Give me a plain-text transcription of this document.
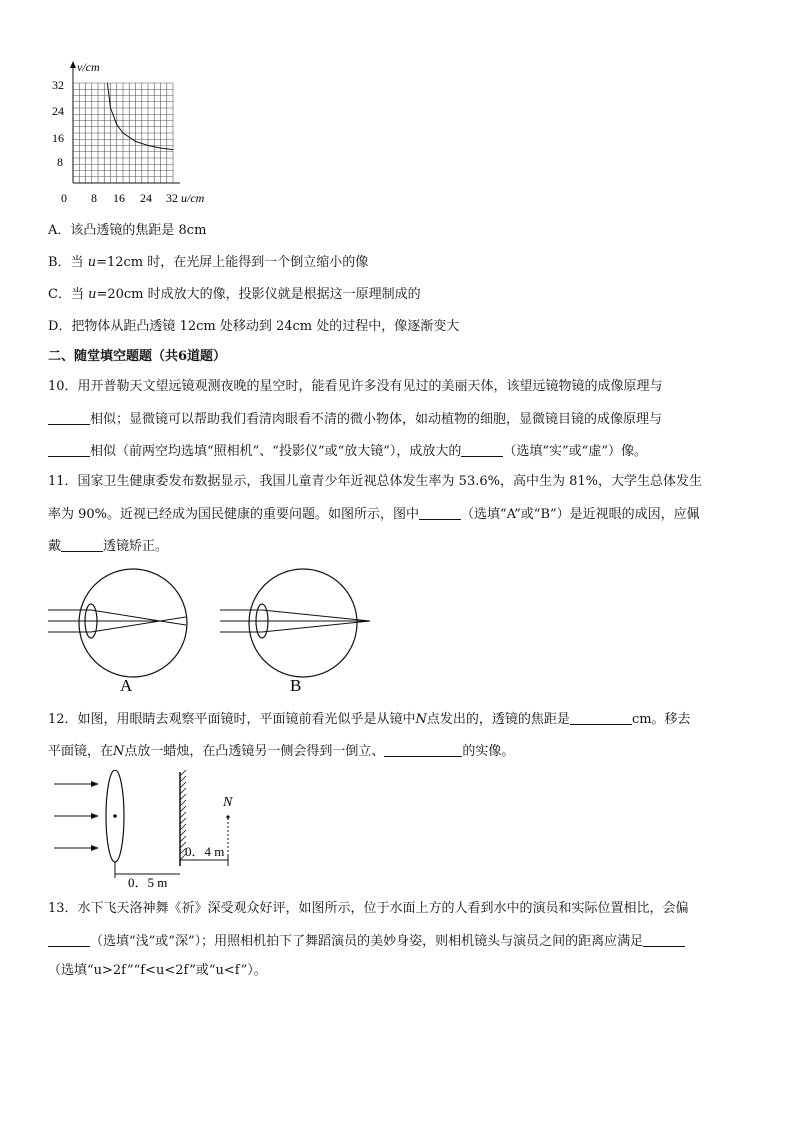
v/cm
u/cm
32
24
16
8
0 8 16 24 32
A．该凸透镜的焦距是 8cm
B．当 u=12cm 时，在光屏上能得到一个倒立缩小的像
C．当 u=20cm 时成放大的像，投影仪就是根据这一原理制成的
D．把物体从距凸透镜 12cm 处移动到 24cm 处的过程中，像逐渐变大
二、随堂填空题题（共6道题）
10．用开普勒天文望远镜观测夜晚的星空时，能看见许多没有见过的美丽天体，该望远镜物镜的成像原理与
相似；显微镜可以帮助我们看清肉眼看不清的微小物体，如动植物的细胞，显微镜目镜的成像原理与
相似（前两空均选填“照相机”、“投影仪”或“放大镜”），成放大的	（选填“实”或“虚”）像。
11．国家卫生健康委发布数据显示，我国儿童青少年近视总体发生率为 53.6%，高中生为 81%，大学生总体发生
率为 90%。近视已经成为国民健康的重要问题。如图所示，图中	（选填“A”或“B”）是近视眼的成因，应佩
戴	透镜矫正。
A	B
12．如图，用眼睛去观察平面镜时，平面镜前看光似乎是从镜中N点发出的，透镜的焦距是	cm。移去
平面镜，在N点放一蜡烛，在凸透镜另一侧会得到一倒立、	的实像。
N
0．5 m
0．4 m
13．水下飞天洛神舞《祈》深受观众好评，如图所示，位于水面上方的人看到水中的演员和实际位置相比，会偏
（选填“浅”或“深”）；用照相机拍下了舞蹈演员的美妙身姿，则相机镜头与演员之间的距离应满足
（选填“u>2f”“f<u<2f”或“u<f”）。
